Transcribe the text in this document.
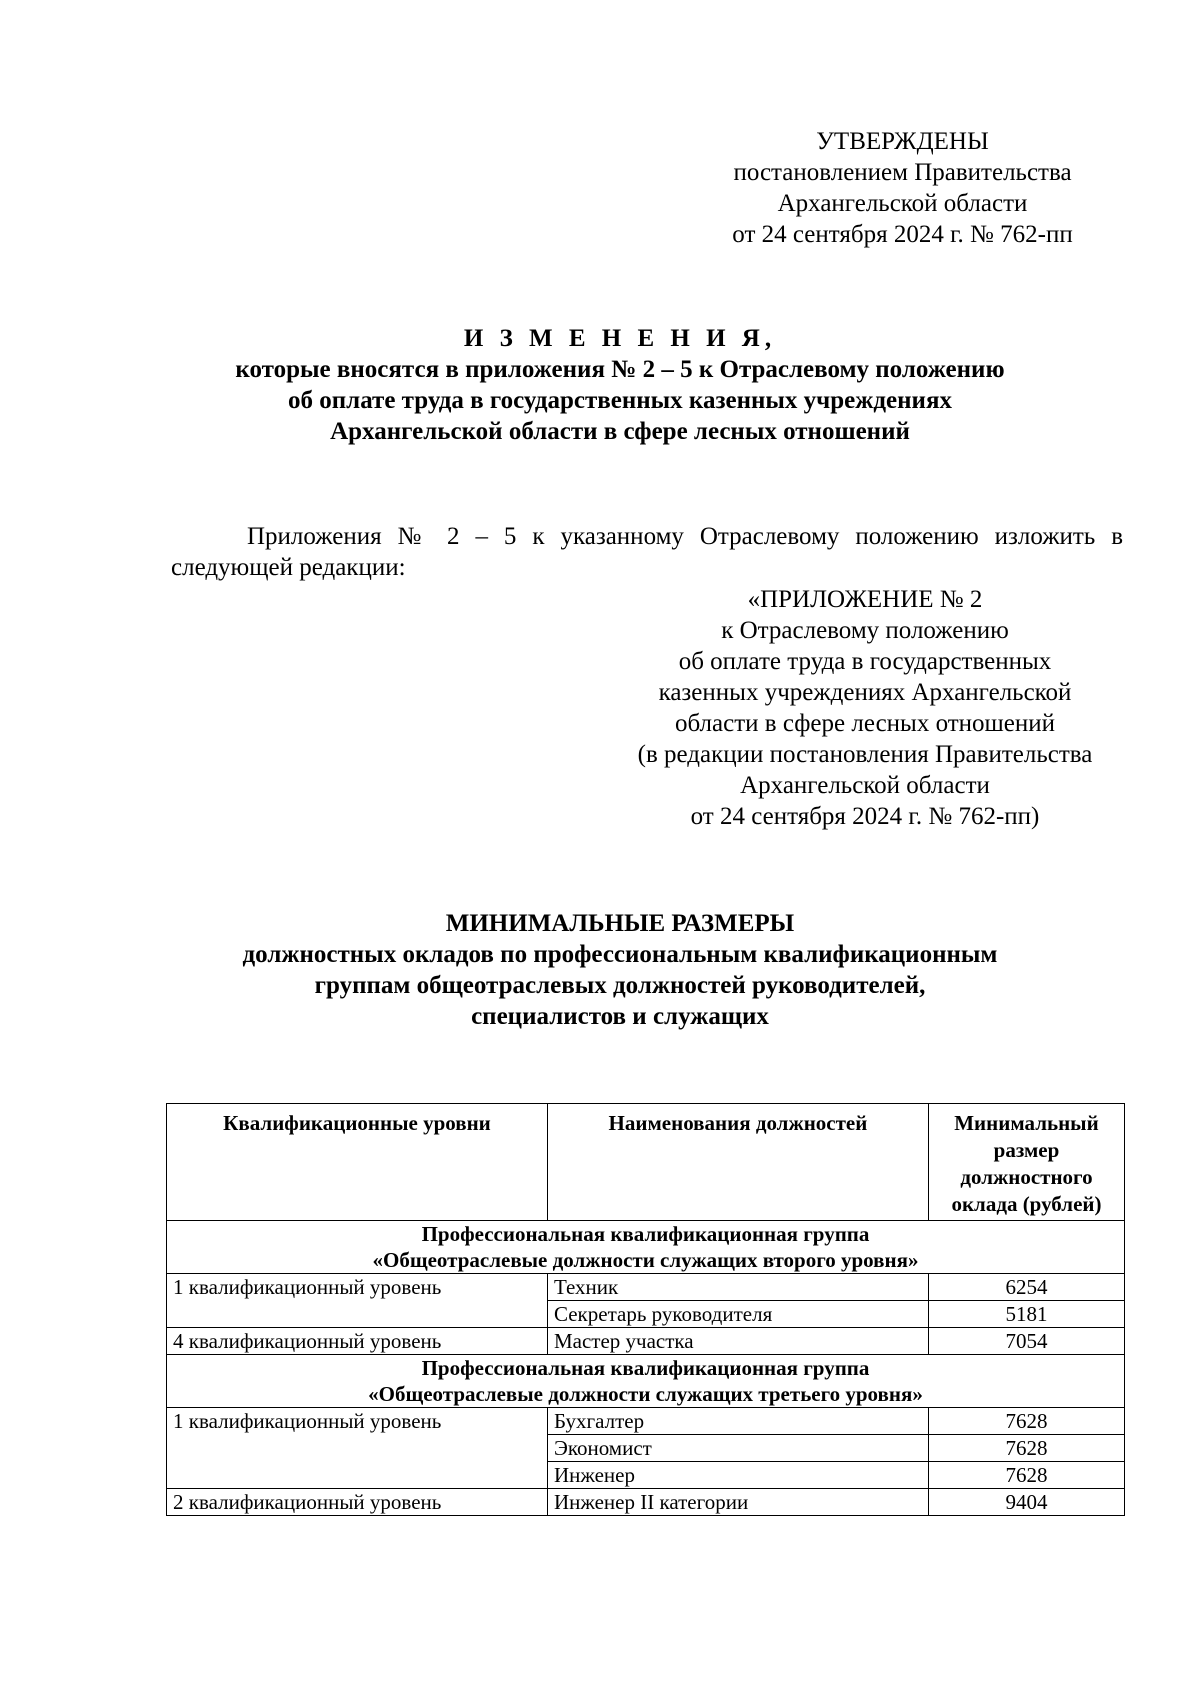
УТВЕРЖДЕНЫ
постановлением Правительства
Архангельской области
от 24 сентября 2024 г. № 762-пп
И З М Е Н Е Н И Я,
которые вносятся в приложения № 2 – 5 к Отраслевому положению
об оплате труда в государственных казенных учреждениях
Архангельской области в сфере лесных отношений
Приложения № 2 – 5 к указанному Отраслевому положению изложить в следующей редакции:
«ПРИЛОЖЕНИЕ № 2
к Отраслевому положению
об оплате труда в государственных
казенных учреждениях Архангельской
области в сфере лесных отношений
(в редакции постановления Правительства
Архангельской области
от 24 сентября 2024 г. № 762-пп)
МИНИМАЛЬНЫЕ РАЗМЕРЫ
должностных окладов по профессиональным квалификационным
группам общеотраслевых должностей руководителей,
специалистов и служащих
Квалификационные уровни	Наименования должностей	Минимальный
размер
должностного
оклада (рублей)

Профессиональная квалификационная группа
«Общеотраслевые должности служащих второго уровня»		

1 квалификационный уровень	Техник	6254
	Секретарь руководителя	5181
4 квалификационный уровень	Мастер участка	7054

Профессиональная квалификационная группа
«Общеотраслевые должности служащих третьего уровня»		

1 квалификационный уровень	Бухгалтер	7628
	Экономист	7628
	Инженер	7628
2 квалификационный уровень	Инженер II категории	9404
